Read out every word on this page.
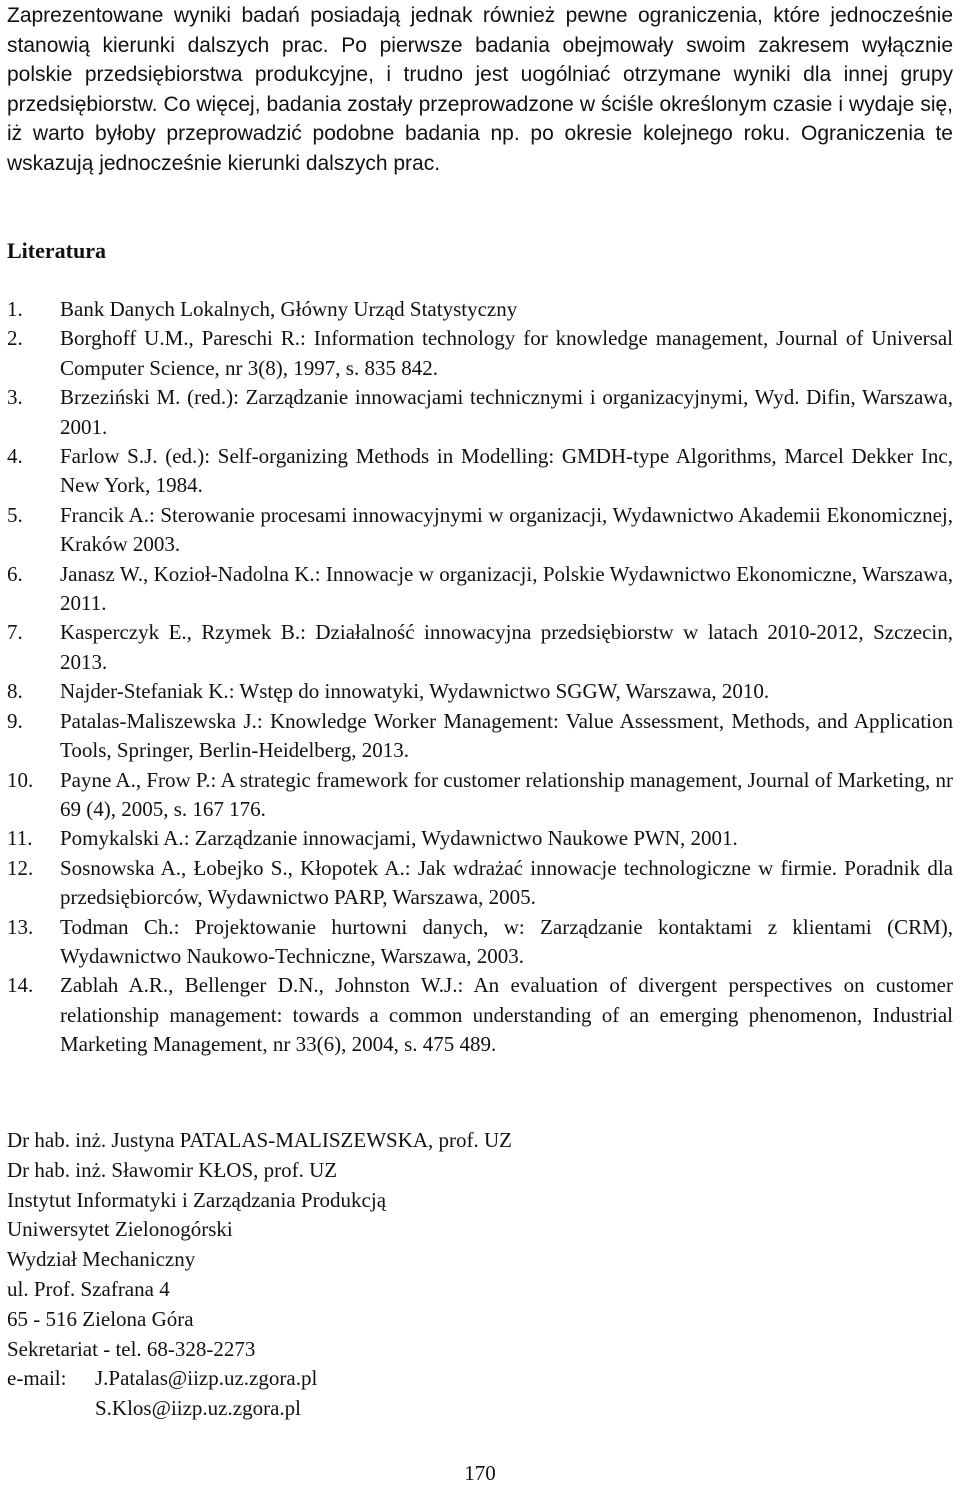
Zaprezentowane wyniki badań posiadają jednak również pewne ograniczenia, które jednocześnie stanowią kierunki dalszych prac. Po pierwsze badania obejmowały swoim zakresem wyłącznie polskie przedsiębiorstwa produkcyjne, i trudno jest uogólniać otrzymane wyniki dla innej grupy przedsiębiorstw. Co więcej, badania zostały przeprowadzone w ściśle określonym czasie i wydaje się, iż warto byłoby przeprowadzić podobne badania np. po okresie kolejnego roku. Ograniczenia te wskazują jednocześnie kierunki dalszych prac.

Literatura
1. Bank Danych Lokalnych, Główny Urząd Statystyczny
2. Borghoff U.M., Pareschi R.: Information technology for knowledge management, Journal of Universal Computer Science, nr 3(8), 1997, s. 835 842.
3. Brzeziński M. (red.): Zarządzanie innowacjami technicznymi i organizacyjnymi, Wyd. Difin, Warszawa, 2001.
4. Farlow S.J. (ed.): Self-organizing Methods in Modelling: GMDH-type Algorithms, Marcel Dekker Inc, New York, 1984.
5. Francik A.: Sterowanie procesami innowacyjnymi w organizacji, Wydawnictwo Akademii Ekonomicznej, Kraków 2003.
6. Janasz W., Kozioł-Nadolna K.: Innowacje w organizacji, Polskie Wydawnictwo Ekonomiczne, Warszawa, 2011.
7. Kasperczyk E., Rzymek B.: Działalność innowacyjna przedsiębiorstw w latach 2010-2012, Szczecin, 2013.
8. Najder-Stefaniak K.: Wstęp do innowatyki, Wydawnictwo SGGW, Warszawa, 2010.
9. Patalas-Maliszewska J.: Knowledge Worker Management: Value Assessment, Methods, and Application Tools, Springer, Berlin-Heidelberg, 2013.
10. Payne A., Frow P.: A strategic framework for customer relationship management, Journal of Marketing, nr 69 (4), 2005, s. 167 176.
11. Pomykalski A.: Zarządzanie innowacjami, Wydawnictwo Naukowe PWN, 2001.
12. Sosnowska A., Łobejko S., Kłopotek A.: Jak wdrażać innowacje technologiczne w firmie. Poradnik dla przedsiębiorców, Wydawnictwo PARP, Warszawa, 2005.
13. Todman Ch.: Projektowanie hurtowni danych, w: Zarządzanie kontaktami z klientami (CRM), Wydawnictwo Naukowo-Techniczne, Warszawa, 2003.
14. Zablah A.R., Bellenger D.N., Johnston W.J.: An evaluation of divergent perspectives on customer relationship management: towards a common understanding of an emerging phenomenon, Industrial Marketing Management, nr 33(6), 2004, s. 475 489.
Dr hab. inż. Justyna PATALAS-MALISZEWSKA, prof. UZ
Dr hab. inż. Sławomir KŁOS, prof. UZ
Instytut Informatyki i Zarządzania Produkcją
Uniwersytet Zielonogórski
Wydział Mechaniczny
ul. Prof. Szafrana 4
65 - 516 Zielona Góra
Sekretariat - tel. 68-328-2273
e-mail: J.Patalas@iizp.uz.zgora.pl
S.Klos@iizp.uz.zgora.pl
170
